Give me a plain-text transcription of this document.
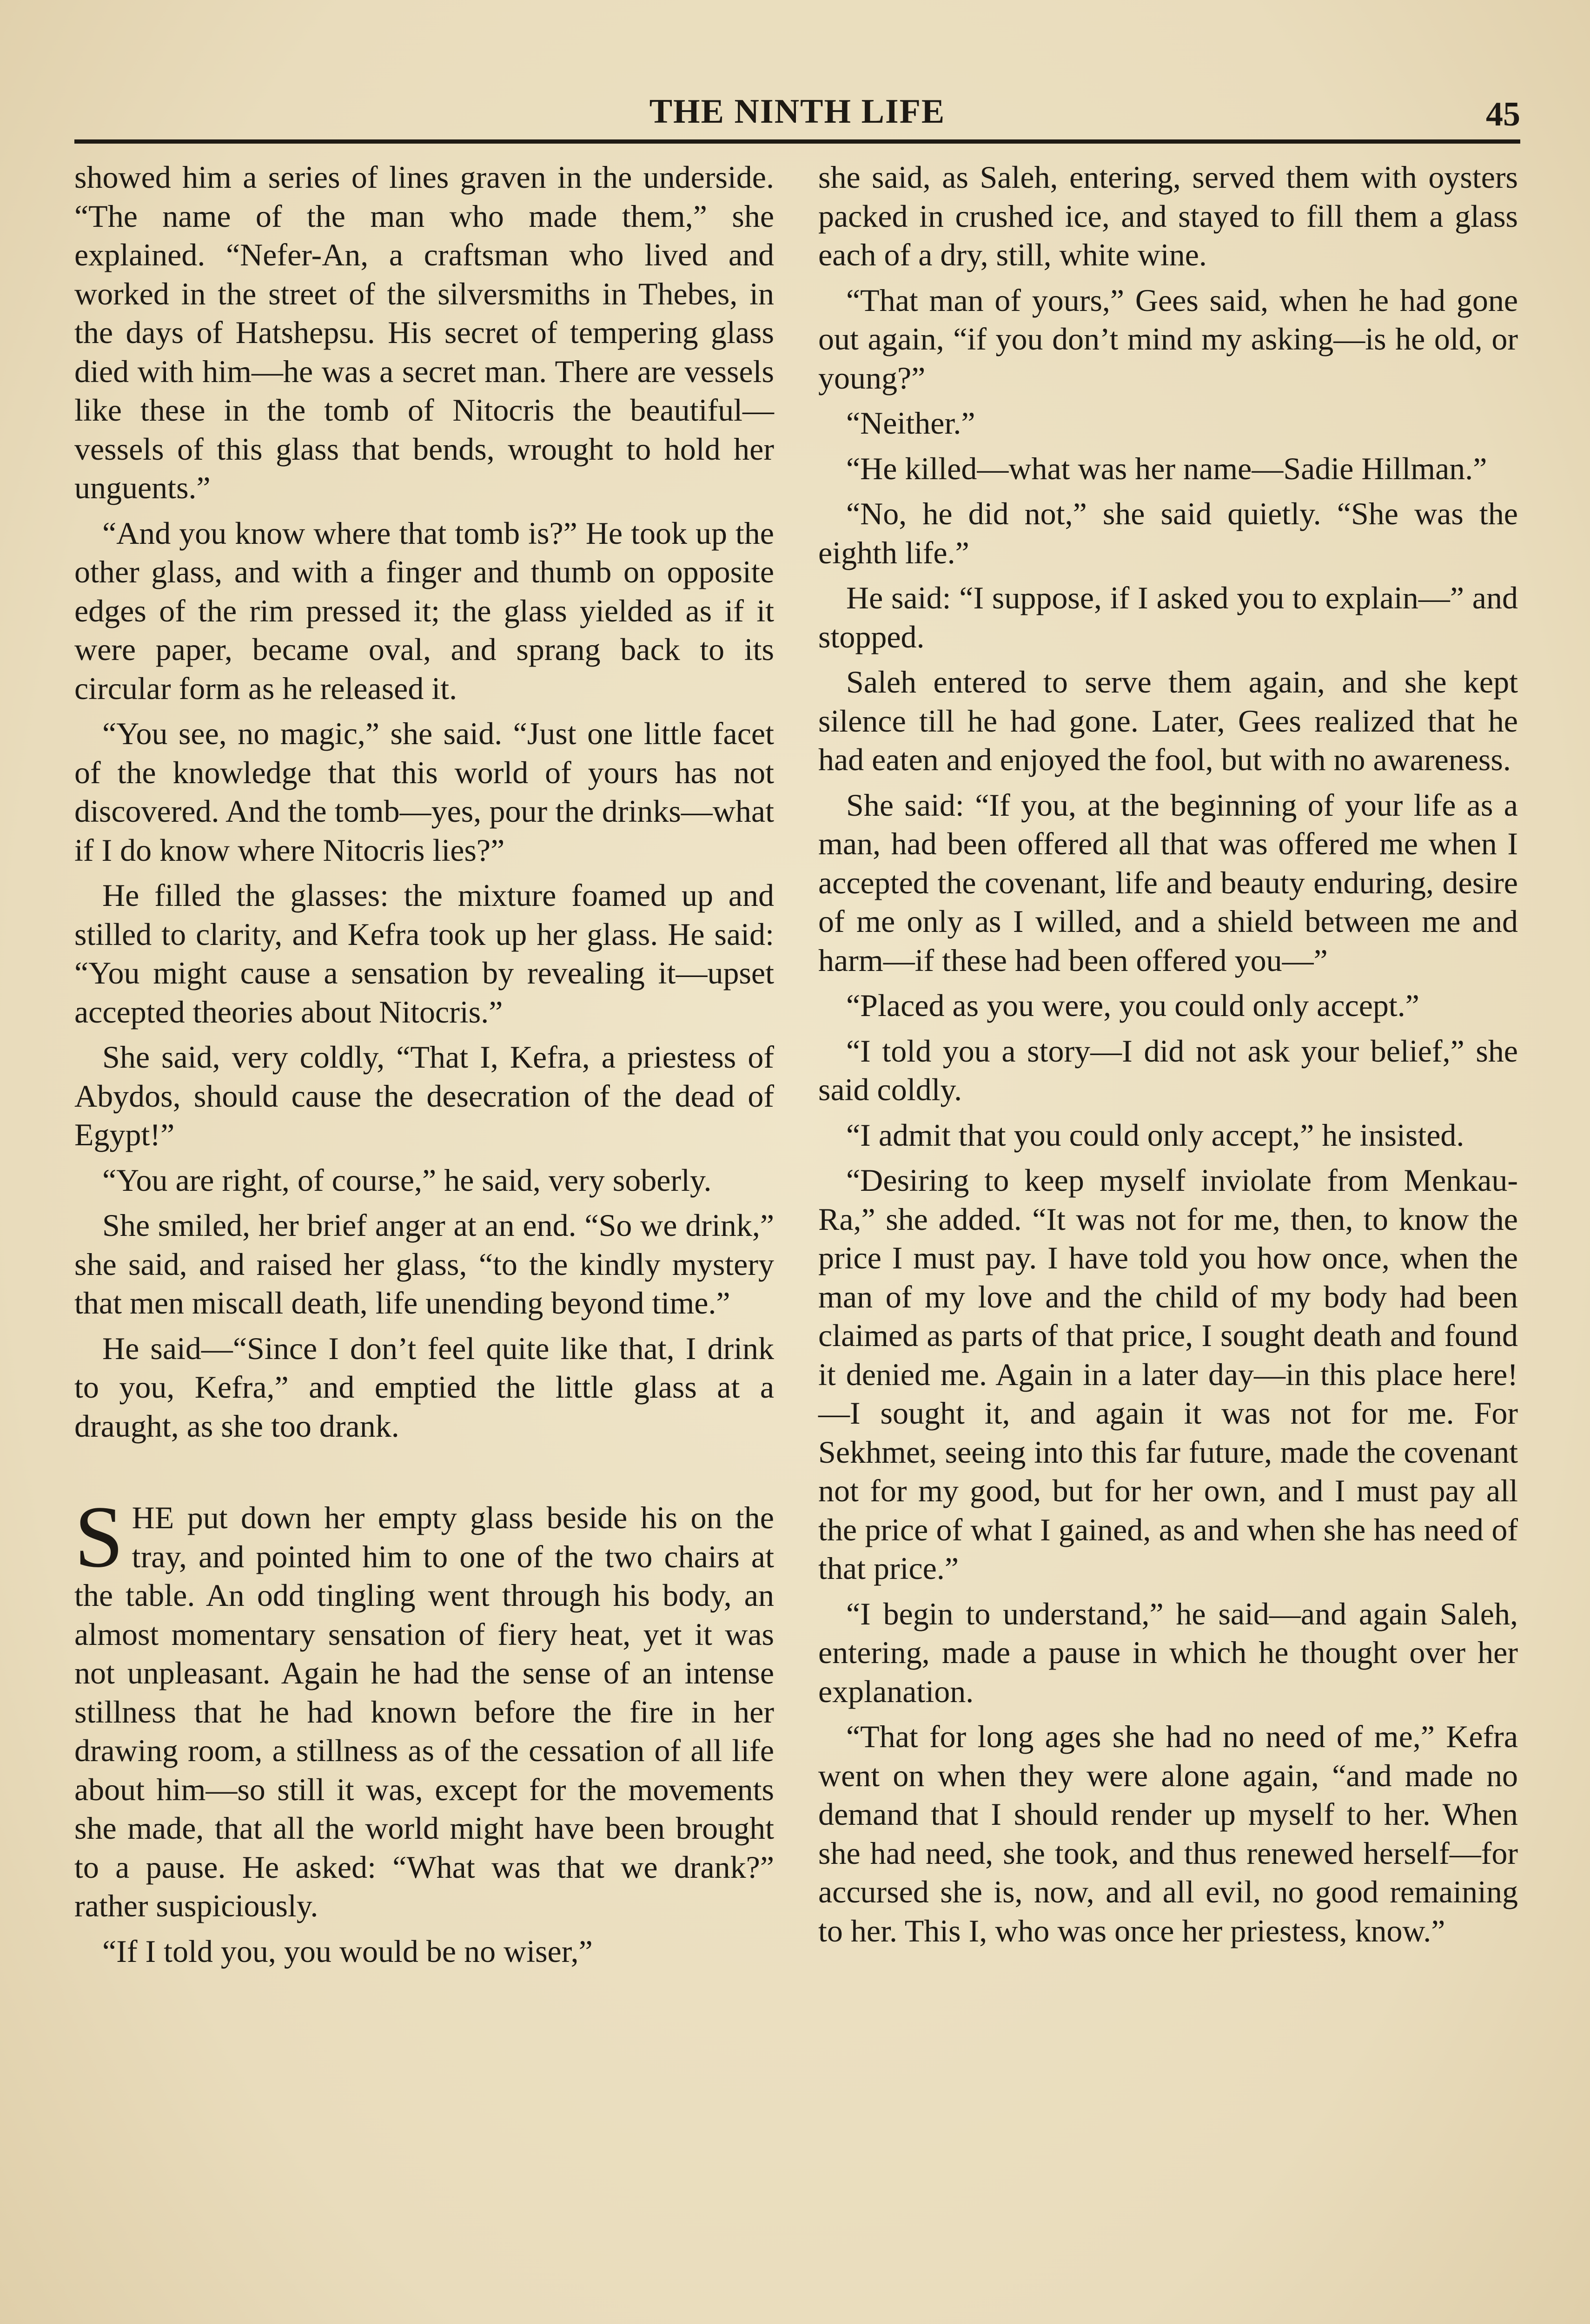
THE NINTH LIFE	45

showed him a series of lines graven in the underside. “The name of the man who made them,” she explained. “Nefer-An, a craftsman who lived and worked in the street of the silversmiths in Thebes, in the days of Hatshepsu. His secret of tempering glass died with him—he was a secret man. There are vessels like these in the tomb of Nitocris the beautiful—vessels of this glass that bends, wrought to hold her unguents.”

“And you know where that tomb is?” He took up the other glass, and with a finger and thumb on opposite edges of the rim pressed it; the glass yielded as if it were paper, became oval, and sprang back to its circular form as he released it.

“You see, no magic,” she said. “Just one little facet of the knowledge that this world of yours has not discovered. And the tomb—yes, pour the drinks—what if I do know where Nitocris lies?”

He filled the glasses: the mixture foamed up and stilled to clarity, and Kefra took up her glass. He said: “You might cause a sensation by revealing it—upset accepted theories about Nitocris.”

She said, very coldly, “That I, Kefra, a priestess of Abydos, should cause the desecration of the dead of Egypt!”

“You are right, of course,” he said, very soberly.

She smiled, her brief anger at an end. “So we drink,” she said, and raised her glass, “to the kindly mystery that men miscall death, life unending beyond time.”

He said—“Since I don’t feel quite like that, I drink to you, Kefra,” and emptied the little glass at a draught, as she too drank.

SHE put down her empty glass beside his on the tray, and pointed him to one of the two chairs at the table. An odd tingling went through his body, an almost momentary sensation of fiery heat, yet it was not unpleasant. Again he had the sense of an intense stillness that he had known before the fire in her drawing room, a stillness as of the cessation of all life about him—so still it was, except for the movements she made, that all the world might have been brought to a pause. He asked: “What was that we drank?” rather suspiciously.

“If I told you, you would be no wiser,”

she said, as Saleh, entering, served them with oysters packed in crushed ice, and stayed to fill them a glass each of a dry, still, white wine.

“That man of yours,” Gees said, when he had gone out again, “if you don’t mind my asking—is he old, or young?”

“Neither.”

“He killed—what was her name—Sadie Hillman.”

“No, he did not,” she said quietly. “She was the eighth life.”

He said: “I suppose, if I asked you to explain—” and stopped.

Saleh entered to serve them again, and she kept silence till he had gone. Later, Gees realized that he had eaten and enjoyed the fool, but with no awareness.

She said: “If you, at the beginning of your life as a man, had been offered all that was offered me when I accepted the covenant, life and beauty enduring, desire of me only as I willed, and a shield between me and harm—if these had been offered you—”

“Placed as you were, you could only accept.”

“I told you a story—I did not ask your belief,” she said coldly.

“I admit that you could only accept,” he insisted.

“Desiring to keep myself inviolate from Menkau-Ra,” she added. “It was not for me, then, to know the price I must pay. I have told you how once, when the man of my love and the child of my body had been claimed as parts of that price, I sought death and found it denied me. Again in a later day—in this place here!—I sought it, and again it was not for me. For Sekhmet, seeing into this far future, made the covenant not for my good, but for her own, and I must pay all the price of what I gained, as and when she has need of that price.”

“I begin to understand,” he said—and again Saleh, entering, made a pause in which he thought over her explanation.

“That for long ages she had no need of me,” Kefra went on when they were alone again, “and made no demand that I should render up myself to her. When she had need, she took, and thus renewed herself—for accursed she is, now, and all evil, no good remaining to her. This I, who was once her priestess, know.”
